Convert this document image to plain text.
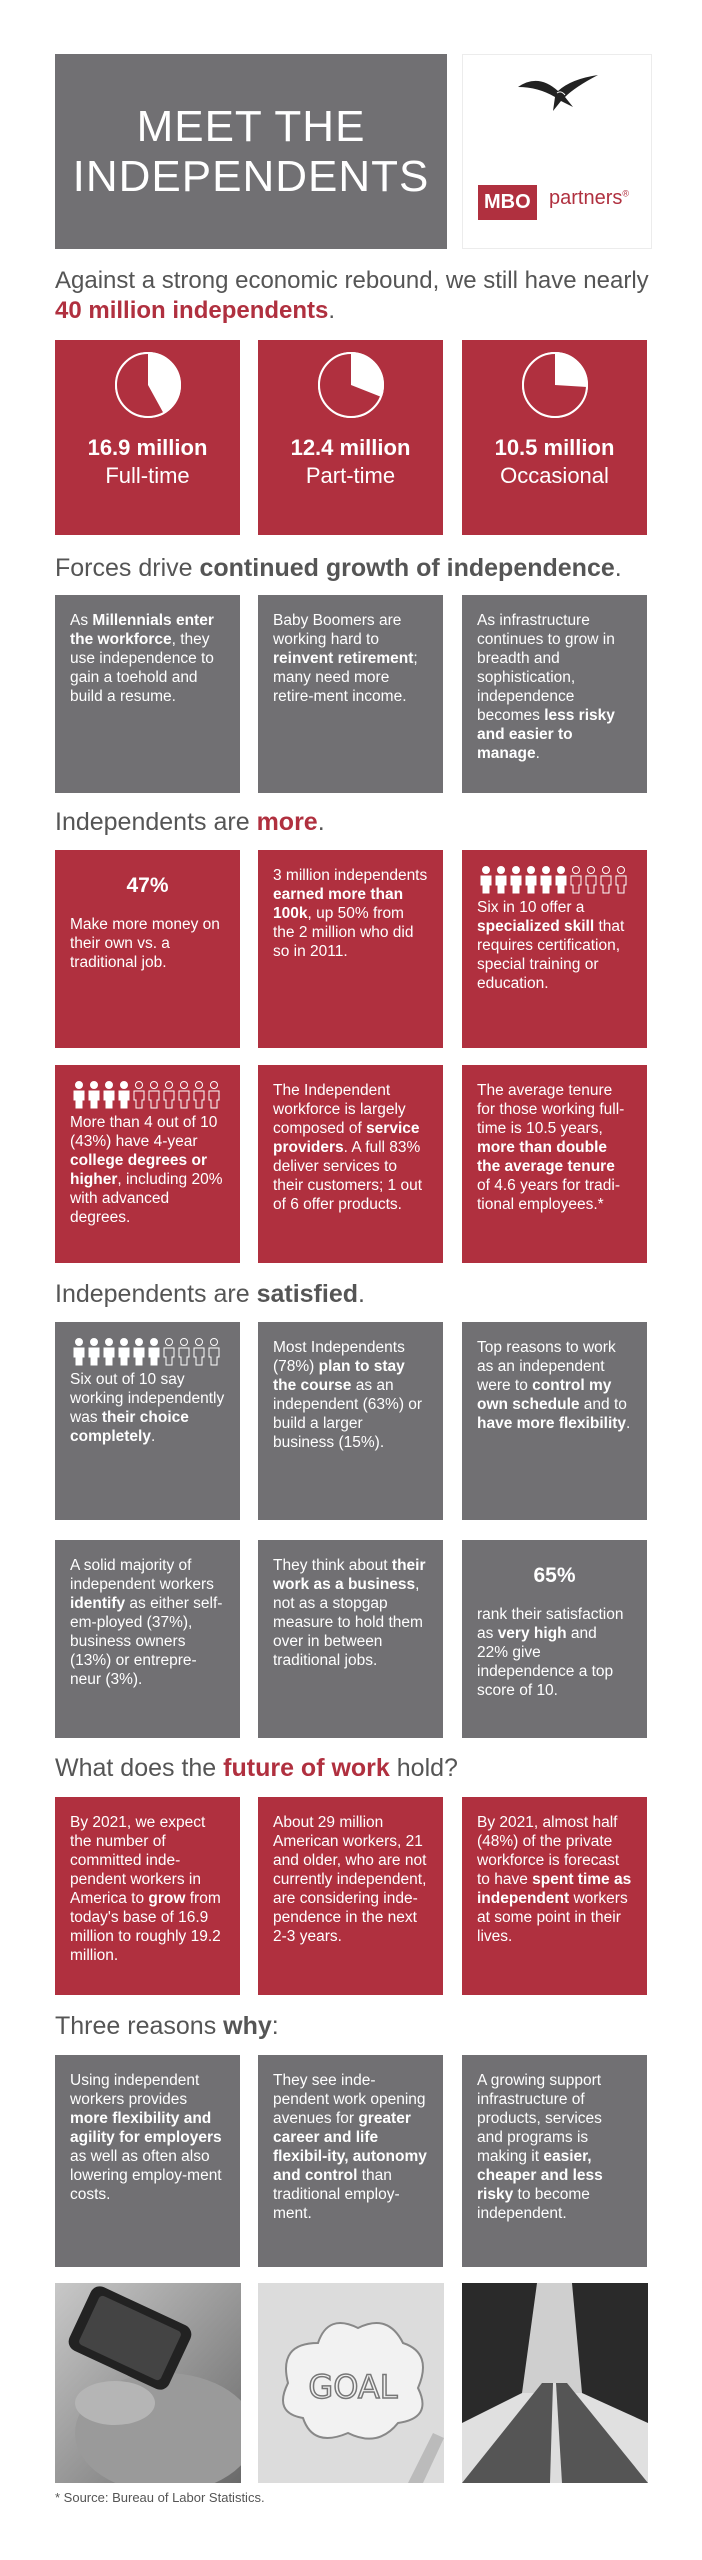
MEET THE
INDEPENDENTS
MBO partners®
Against a strong economic rebound, we still have nearly 40 million independents.
16.9 million
Full-time
12.4 million
Part-time
10.5 million
Occasional
Forces drive continued growth of independence.
As Millennials enter the workforce, they use independence to gain a toehold and build a resume.
Baby Boomers are working hard to reinvent retirement; many need more retire-ment income.
As infrastructure continues to grow in breadth and sophistication, independence becomes less risky and easier to manage.
Independents are more.
47%
Make more money on their own vs. a traditional job.
3 million independents earned more than 100k, up 50% from the 2 million who did so in 2011.
Six in 10 offer a specialized skill that requires certification, special training or education.
More than 4 out of 10 (43%) have 4-year college degrees or higher, including 20% with advanced degrees.
The Independent workforce is largely composed of service providers. A full 83% deliver services to their customers; 1 out of 6 offer products.
The average tenure for those working full-time is 10.5 years, more than double the average tenure of 4.6 years for tradi-tional employees.*
Independents are satisfied.
Six out of 10 say working independently was their choice completely.
Most Independents (78%) plan to stay the course as an independent (63%) or build a larger business (15%).
Top reasons to work as an independent were to control my own schedule and to have more flexibility.
A solid majority of independent workers identify as either self-em-ployed (37%), business owners (13%) or entrepre-neur (3%).
They think about their work as a business, not as a stopgap measure to hold them over in between traditional jobs.
65%
rank their satisfaction as very high and 22% give independence a top score of 10.
What does the future of work hold?
By 2021, we expect the number of committed inde-pendent workers in America to grow from today's base of 16.9 million to roughly 19.2 million.
About 29 million American workers, 21 and older, who are not currently independent, are considering inde-pendence in the next 2-3 years.
By 2021, almost half (48%) of the private workforce is forecast to have spent time as independent workers at some point in their lives.
Three reasons why:
Using independent workers provides more flexibility and agility for employers as well as often also lowering employ-ment costs.
They see inde-pendent work opening avenues for greater career and life flexibil-ity, autonomy and control than traditional employ-ment.
A growing support infrastructure of products, services and programs is making it easier, cheaper and less risky to become independent.
GOAL
* Source: Bureau of Labor Statistics.
